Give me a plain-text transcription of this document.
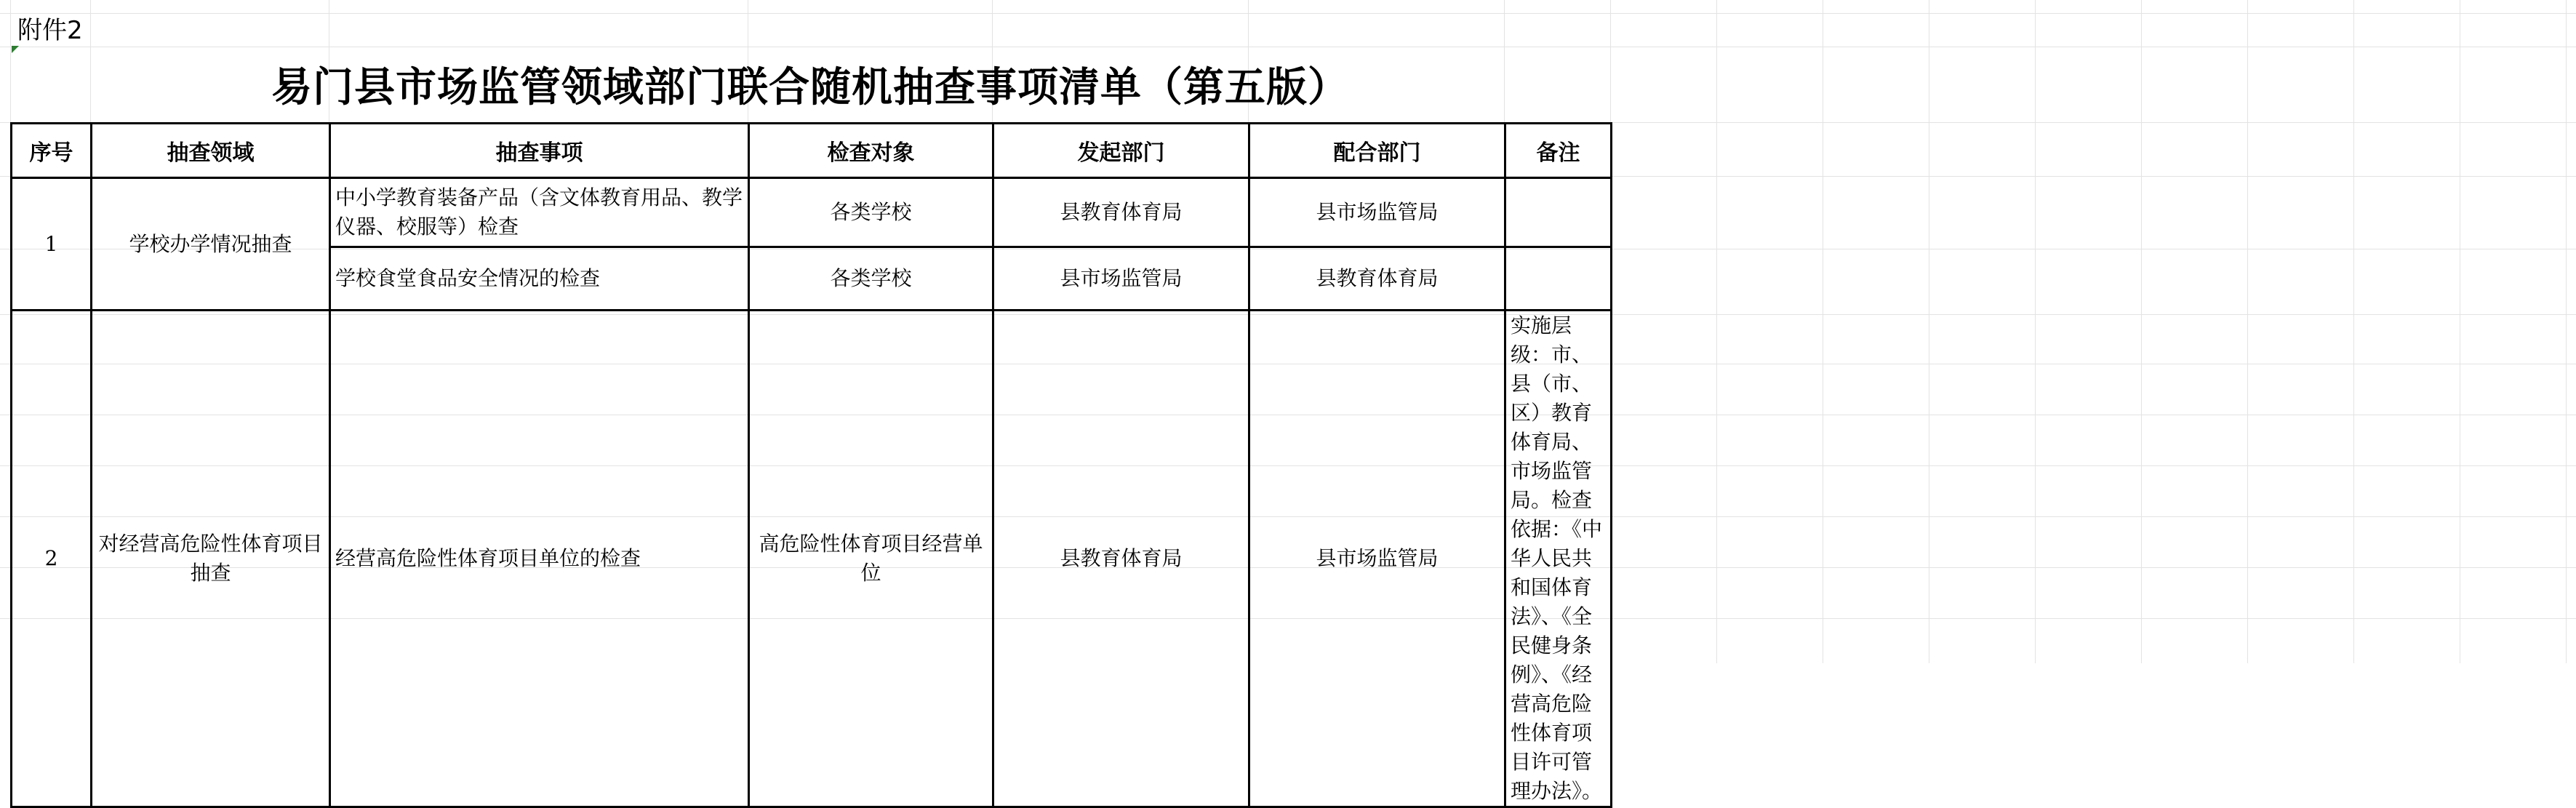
附件2
易门县市场监管领域部门联合随机抽查事项清单（第五版）
序号	抽查领域	抽查事项	检查对象	发起部门	配合部门	备注
1	学校办学情况抽查	中小学教育装备产品（含文体教育用品、教学仪器、校服等）检查	各类学校	县教育体育局	县市场监管局	
		学校食堂食品安全情况的检查	各类学校	县市场监管局	县教育体育局	
2	对经营高危险性体育项目抽查	经营高危险性体育项目单位的检查	高危险性体育项目经营单位	县教育体育局	县市场监管局	实施层级：市、县（市、区）教育体育局、市场监管局。检查依据：《中华人民共和国体育法》、《全民健身条例》、《经营高危险性体育项目许可管理办法》。
